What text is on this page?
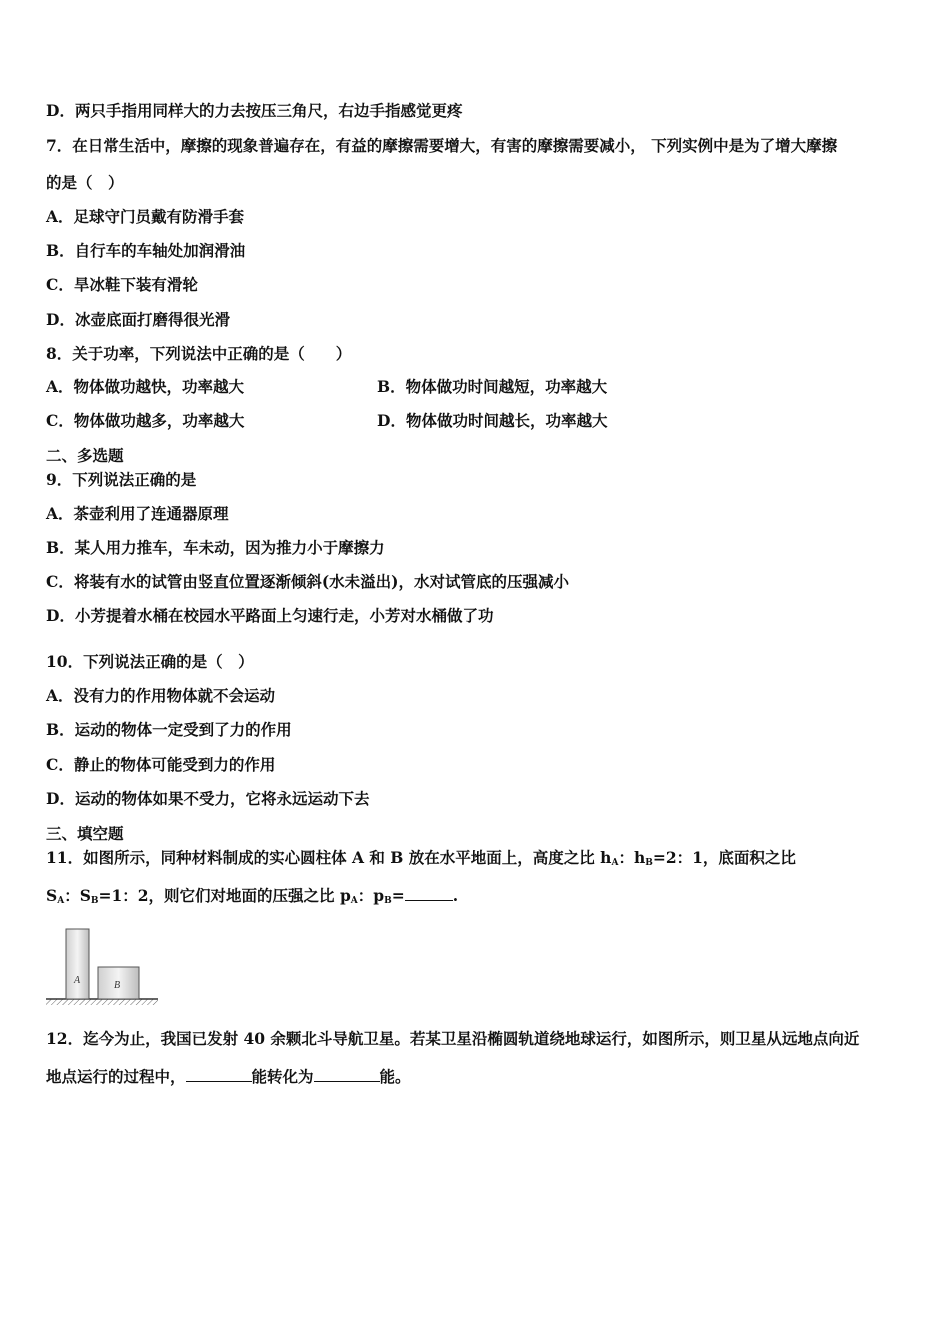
D．两只手指用同样大的力去按压三角尺，右边手指感觉更疼
7．在日常生活中，摩擦的现象普遍存在，有益的摩擦需要增大，有害的摩擦需要减小， 下列实例中是为了增大摩擦
的是（　）
A．足球守门员戴有防滑手套
B．自行车的车轴处加润滑油
C．旱冰鞋下装有滑轮
D．冰壶底面打磨得很光滑
8．关于功率，下列说法中正确的是（　　）
A．物体做功越快，功率越大	B．物体做功时间越短，功率越大
C．物体做功越多，功率越大	D．物体做功时间越长，功率越大
二、多选题
9．下列说法正确的是
A．茶壶利用了连通器原理
B．某人用力推车，车未动，因为推力小于摩擦力
C．将装有水的试管由竖直位置逐渐倾斜(水未溢出)，水对试管底的压强减小
D．小芳提着水桶在校园水平路面上匀速行走，小芳对水桶做了功
10．下列说法正确的是（　）
A．没有力的作用物体就不会运动
B．运动的物体一定受到了力的作用
C．静止的物体可能受到力的作用
D．运动的物体如果不受力，它将永远运动下去
三、填空题
11．如图所示，同种材料制成的实心圆柱体 A 和 B 放在水平地面上，高度之比 $h_A$：$h_B=2$：1，底面积之比
$S_A$：$S_B=1$：2，则它们对地面的压强之比 $p_A$：$p_B=$	.
A	B
12．迄今为止，我国已发射 40 余颗北斗导航卫星。若某卫星沿椭圆轨道绕地球运行，如图所示，则卫星从远地点向近
地点运行的过程中，	能转化为	能。
